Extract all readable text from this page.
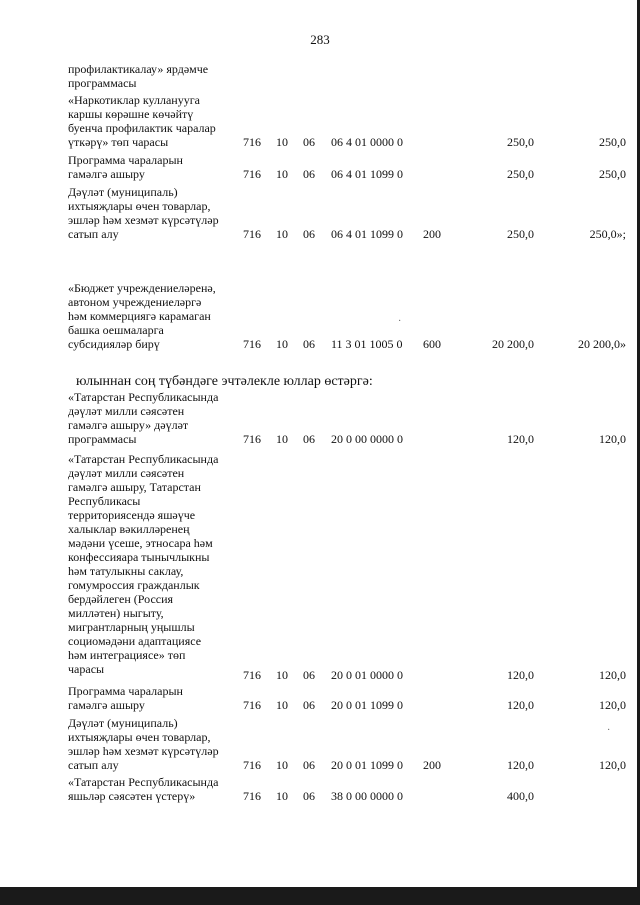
283
профилактикалау» ярдәмче
программасы
«Наркотиклар кулланууга
каршы көрәшне көчәйтү
буенча профилактик чаралар
үткәрү» төп чарасы	716 10 06 06 4 01 0000 0	250,0	250,0
Программа чараларын
гамәлгә ашыру	716 10 06 06 4 01 1099 0	250,0	250,0
Дәүләт (муниципаль)
ихтыяҗлары өчен товарлар,
эшләр һәм хезмәт күрсәтүләр
сатып алу	716 10 06 06 4 01 1099 0 200	250,0	250,0»;
«Бюджет учреждениеләренә,
автоном учреждениеләргә
һәм коммерциягә карамаган
башка оешмаларга
субсидияләр бирү	716 10 06 11 3 01 1005 0 600	20 200,0	20 200,0»
·
юлыннан соң түбәндәге эчтәлекле юллар өстәргә:
«Татарстан Республикасында
дәүләт милли сәясәтен
гамәлгә ашыру» дәүләт
программасы	716 10 06 20 0 00 0000 0	120,0	120,0
«Татарстан Республикасында
дәүләт милли сәясәтен
гамәлгә ашыру, Татарстан
Республикасы
территориясендә яшәүче
халыклар вәкилләренең
мәдәни үсеше, этносара һәм
конфессияара тынычлыкны
һәм татулыкны саклау,
гомумроссия гражданлык
бердәйлеген (Россия
милләтен) ныгыту,
мигрантларның уңышлы
социомәдәни адаптациясе
һәм интеграциясе» төп
чарасы	716 10 06 20 0 01 0000 0	120,0	120,0
Программа чараларын
гамәлгә ашыру	716 10 06 20 0 01 1099 0	120,0	120,0
·
Дәүләт (муниципаль)
ихтыяҗлары өчен товарлар,
эшләр һәм хезмәт күрсәтүләр
сатып алу	716 10 06 20 0 01 1099 0 200	120,0	120,0
«Татарстан Республикасында
яшьләр сәясәтен үстерү»	716 10 06 38 0 00 0000 0	400,0
